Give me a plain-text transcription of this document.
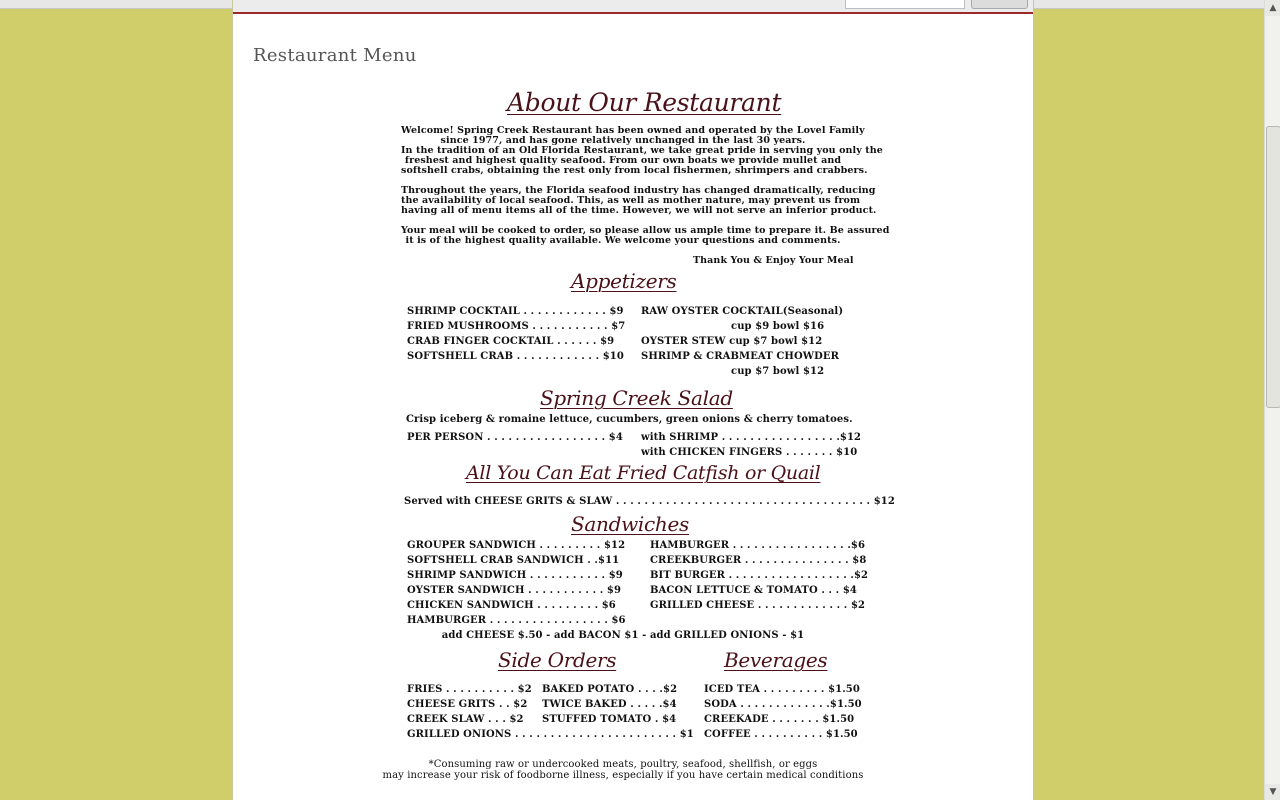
Restaurant Menu
About Our Restaurant
Welcome! Spring Creek Restaurant has been owned and operated by the Lovel Family
since 1977, and has gone relatively unchanged in the last 30 years.
In the tradition of an Old Florida Restaurant, we take great pride in serving you only the
freshest and highest quality seafood. From our own boats we provide mullet and
softshell crabs, obtaining the rest only from local fishermen, shrimpers and crabbers.
Throughout the years, the Florida seafood industry has changed dramatically, reducing
the availability of local seafood. This, as well as mother nature, may prevent us from
having all of menu items all of the time. However, we will not serve an inferior product.
Your meal will be cooked to order, so please allow us ample time to prepare it. Be assured
it is of the highest quality available. We welcome your questions and comments.
Thank You & Enjoy Your Meal
Appetizers
SHRIMP COCKTAIL . . . . . . . . . . . . $9
FRIED MUSHROOMS . . . . . . . . . . . $7
CRAB FINGER COCKTAIL . . . . . . $9
SOFTSHELL CRAB . . . . . . . . . . . . $10
RAW OYSTER COCKTAIL(Seasonal)
cup $9 bowl $16
OYSTER STEW cup $7 bowl $12
SHRIMP & CRABMEAT CHOWDER
cup $7 bowl $12
Spring Creek Salad
Crisp iceberg & romaine lettuce, cucumbers, green onions & cherry tomatoes.
PER PERSON . . . . . . . . . . . . . . . . . $4 with SHRIMP . . . . . . . . . . . . . . . . .$12
with CHICKEN FINGERS . . . . . . . $10
All You Can Eat Fried Catfish or Quail
Served with CHEESE GRITS & SLAW . . . . . . . . . . . . . . . . . . . . . . . . . . . . . . . . . . . . $12
Sandwiches
GROUPER SANDWICH . . . . . . . . . $12
SOFTSHELL CRAB SANDWICH . .$11
SHRIMP SANDWICH . . . . . . . . . . . $9
OYSTER SANDWICH . . . . . . . . . . . $9
CHICKEN SANDWICH . . . . . . . . . $6
HAMBURGER . . . . . . . . . . . . . . . . . $6
HAMBURGER . . . . . . . . . . . . . . . . .$6
CREEKBURGER . . . . . . . . . . . . . . . $8
BIT BURGER . . . . . . . . . . . . . . . . . .$2
BACON LETTUCE & TOMATO . . . $4
GRILLED CHEESE . . . . . . . . . . . . . $2
add CHEESE $.50 - add BACON $1 - add GRILLED ONIONS - $1
Side Orders
FRIES . . . . . . . . . . $2
CHEESE GRITS . . $2
CREEK SLAW . . . $2
BAKED POTATO . . . .$2
TWICE BAKED . . . . .$4
STUFFED TOMATO . $4
GRILLED ONIONS . . . . . . . . . . . . . . . . . . . . . . . $1
Beverages
ICED TEA . . . . . . . . . $1.50
SODA . . . . . . . . . . . . .$1.50
CREEKADE . . . . . . . $1.50
COFFEE . . . . . . . . . . $1.50
*Consuming raw or undercooked meats, poultry, seafood, shellfish, or eggs
may increase your risk of foodborne illness, especially if you have certain medical conditions
▲
▼
